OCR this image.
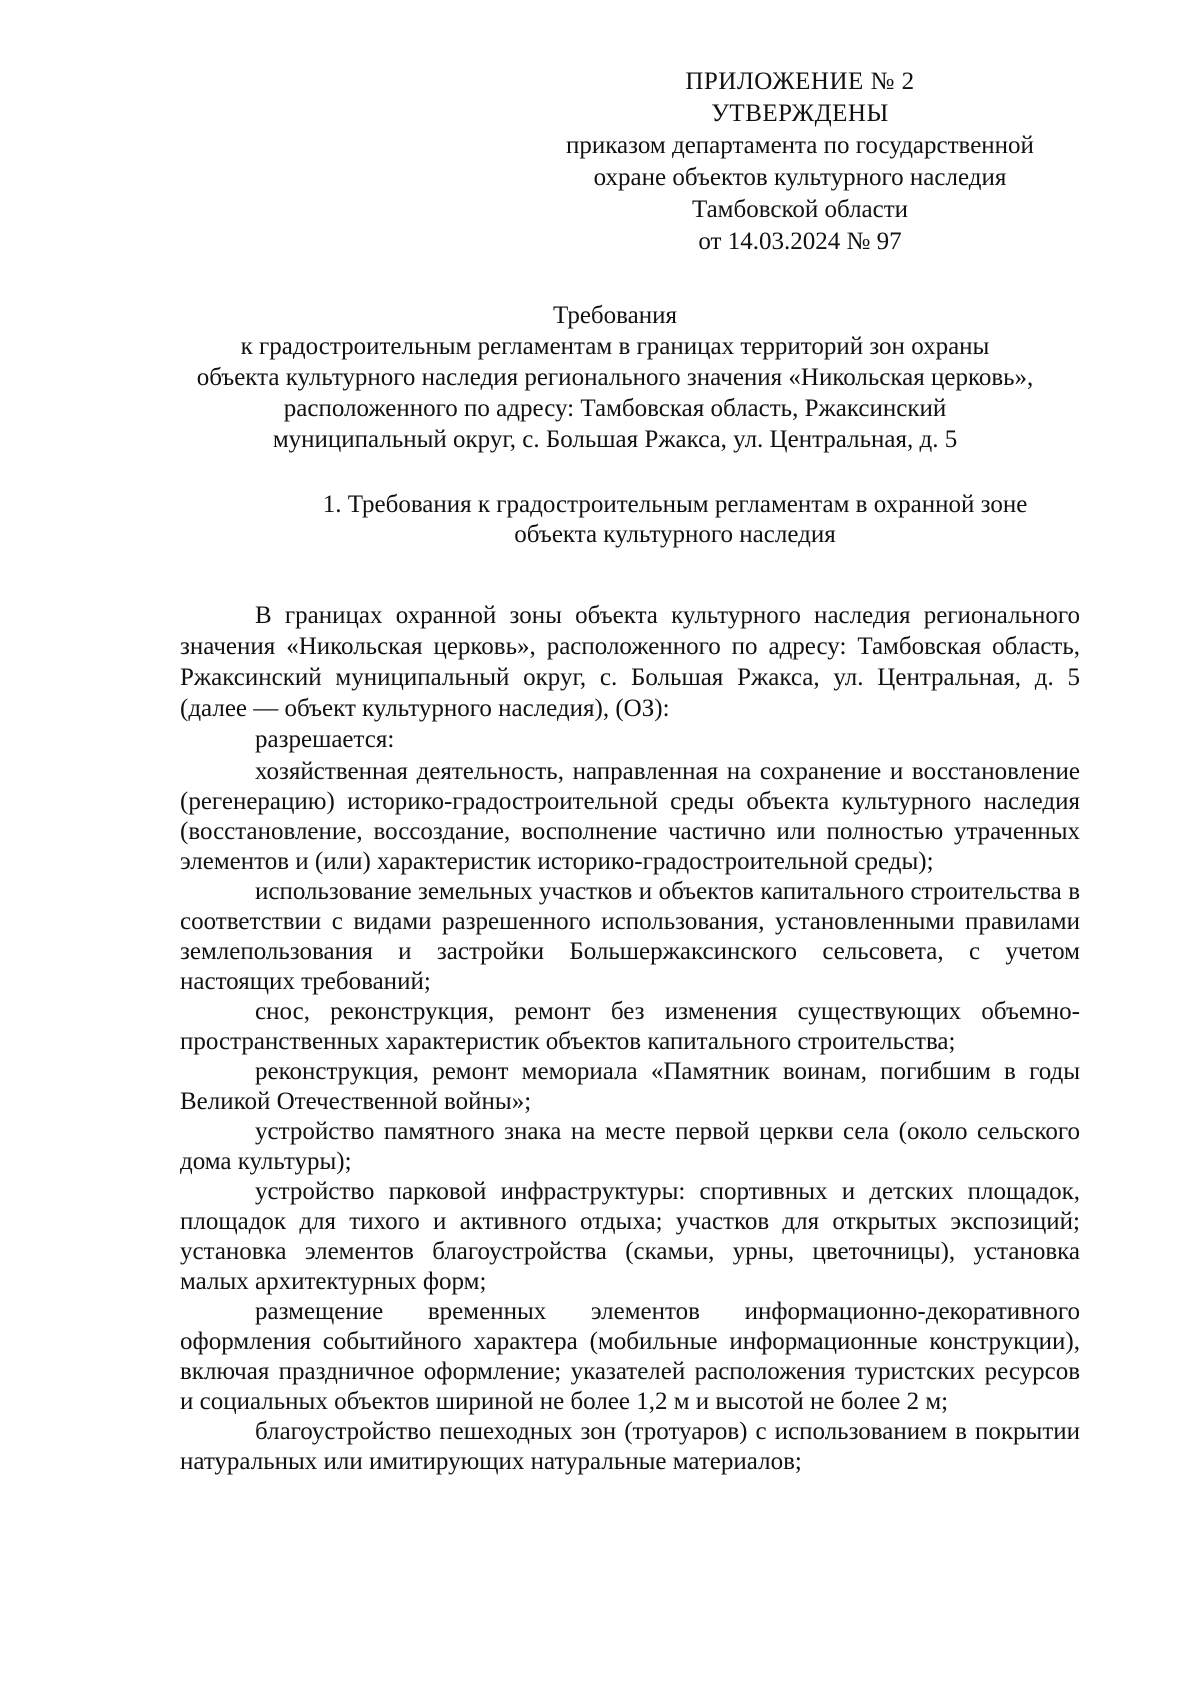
ПРИЛОЖЕНИЕ № 2
УТВЕРЖДЕНЫ
приказом департамента по государственной
охране объектов культурного наследия
Тамбовской области
от 14.03.2024 № 97
Требования
к градостроительным регламентам в границах территорий зон охраны
объекта культурного наследия регионального значения «Никольская церковь»,
расположенного по адресу: Тамбовская область, Ржаксинский
муниципальный округ, с. Большая Ржакса, ул. Центральная, д. 5
1. Требования к градостроительным регламентам в охранной зоне
объекта культурного наследия

В границах охранной зоны объекта культурного наследия регионального значения «Никольская церковь», расположенного по адресу: Тамбовская область, Ржаксинский муниципальный округ, с. Большая Ржакса, ул. Центральная, д. 5 (далее — объект культурного наследия), (ОЗ):

разрешается:

хозяйственная деятельность, направленная на сохранение и восстановление (регенерацию) историко-градостроительной среды объекта культурного наследия (восстановление, воссоздание, восполнение частично или полностью утраченных элементов и (или) характеристик историко-градостроительной среды);

использование земельных участков и объектов капитального строительства в соответствии с видами разрешенного использования, установленными правилами землепользования и застройки Большержаксинского сельсовета, с учетом настоящих требований;

снос, реконструкция, ремонт без изменения существующих объемно-пространственных характеристик объектов капитального строительства;

реконструкция, ремонт мемориала «Памятник воинам, погибшим в годы Великой Отечественной войны»;

устройство памятного знака на месте первой церкви села (около сельского дома культуры);

устройство парковой инфраструктуры: спортивных и детских площадок, площадок для тихого и активного отдыха; участков для открытых экспозиций; установка элементов благоустройства (скамьи, урны, цветочницы), установка малых архитектурных форм;

размещение временных элементов информационно-декоративного оформления событийного характера (мобильные информационные конструкции), включая праздничное оформление; указателей расположения туристских ресурсов и социальных объектов шириной не более 1,2 м и высотой не более 2 м;

благоустройство пешеходных зон (тротуаров) с использованием в покрытии натуральных или имитирующих натуральные материалов;
